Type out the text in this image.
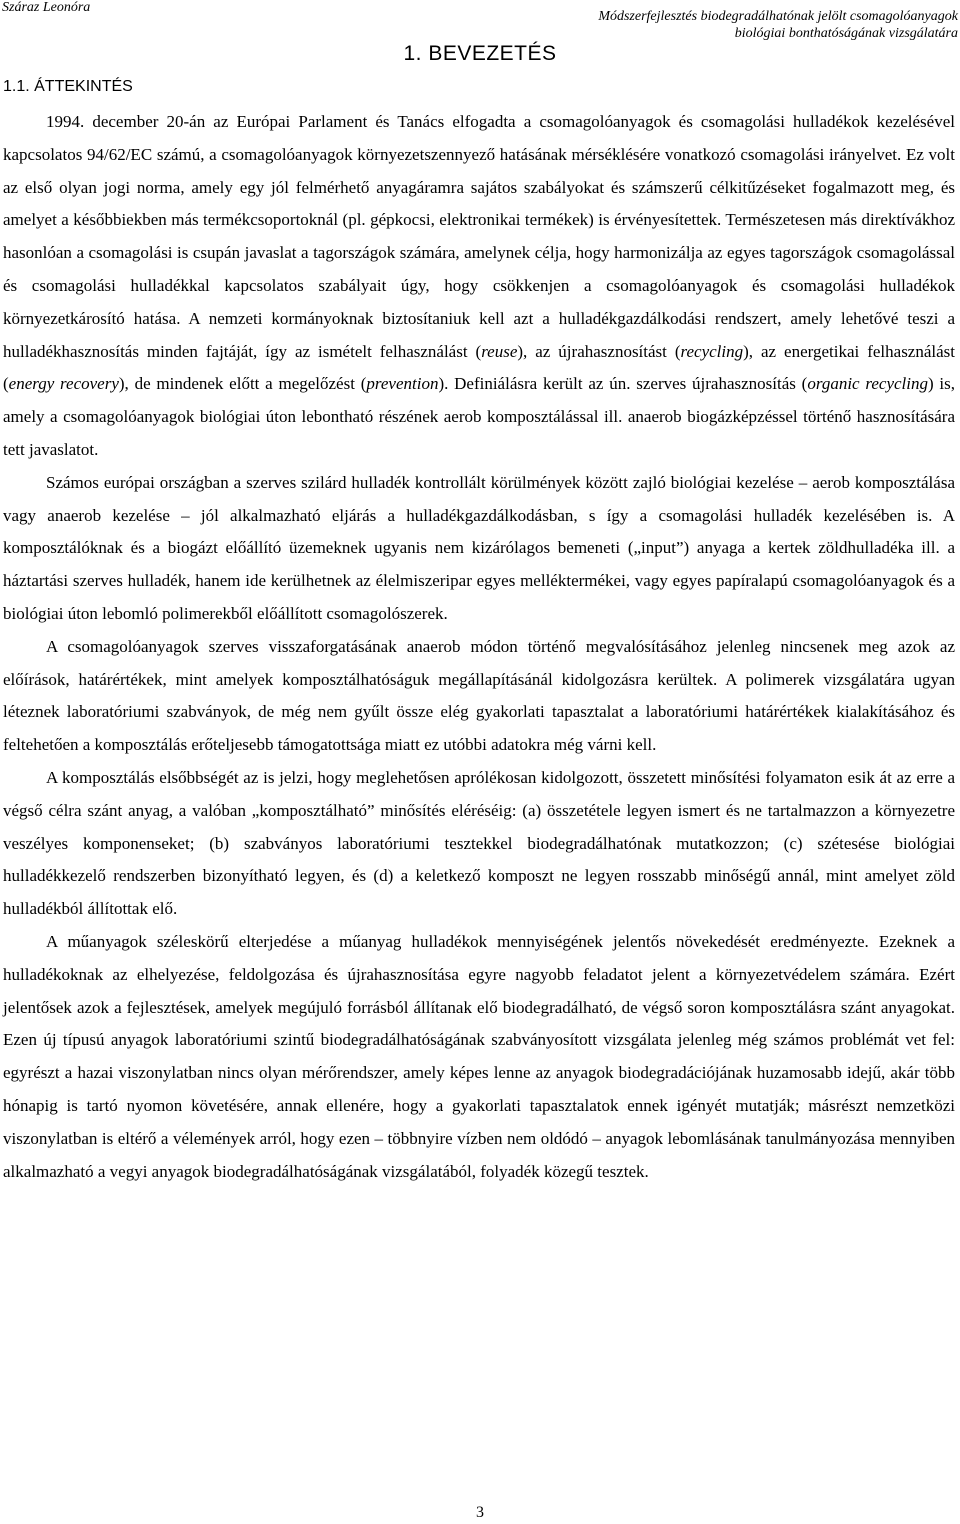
Száraz Leonóra
Módszerfejlesztés biodegradálhatónak jelölt csomagolóanyagok
biológiai bonthatóságának vizsgálatára
1. BEVEZETÉS
1.1. ÁTTEKINTÉS

1994. december 20-án az Európai Parlament és Tanács elfogadta a csomagolóanyagok és csomagolási hulladékok kezelésével kapcsolatos 94/62/EC számú, a csomagolóanyagok környezetszennyező hatásának mérséklésére vonatkozó csomagolási irányelvet. Ez volt az első olyan jogi norma, amely egy jól felmérhető anyagáramra sajátos szabályokat és számszerű célkitűzéseket fogalmazott meg, és amelyet a későbbiekben más termékcsoportoknál (pl. gépkocsi, elektronikai termékek) is érvényesítettek. Természetesen más direktívákhoz hasonlóan a csomagolási is csupán javaslat a tagországok számára, amelynek célja, hogy harmonizálja az egyes tagországok csomagolással és csomagolási hulladékkal kapcsolatos szabályait úgy, hogy csökkenjen a csomagolóanyagok és csomagolási hulladékok környezetkárosító hatása. A nemzeti kormányoknak biztosítaniuk kell azt a hulladékgazdálkodási rendszert, amely lehetővé teszi a hulladékhasznosítás minden fajtáját, így az ismételt felhasználást (reuse), az újrahasznosítást (recycling), az energetikai felhasználást (energy recovery), de mindenek előtt a megelőzést (prevention). Definiálásra került az ún. szerves újrahasznosítás (organic recycling) is, amely a csomagolóanyagok biológiai úton lebontható részének aerob komposztálással ill. anaerob biogázképzéssel történő hasznosítására tett javaslatot.

Számos európai országban a szerves szilárd hulladék kontrollált körülmények között zajló biológiai kezelése – aerob komposztálása vagy anaerob kezelése – jól alkalmazható eljárás a hulladékgazdálkodásban, s így a csomagolási hulladék kezelésében is. A komposztálóknak és a biogázt előállító üzemeknek ugyanis nem kizárólagos bemeneti („input”) anyaga a kertek zöldhulladéka ill. a háztartási szerves hulladék, hanem ide kerülhetnek az élelmiszeripar egyes melléktermékei, vagy egyes papíralapú csomagolóanyagok és a biológiai úton lebomló polimerekből előállított csomagolószerek.

A csomagolóanyagok szerves visszaforgatásának anaerob módon történő megvalósításához jelenleg nincsenek meg azok az előírások, határértékek, mint amelyek komposztálhatóságuk megállapításánál kidolgozásra kerültek. A polimerek vizsgálatára ugyan léteznek laboratóriumi szabványok, de még nem gyűlt össze elég gyakorlati tapasztalat a laboratóriumi határértékek kialakításához és feltehetően a komposztálás erőteljesebb támogatottsága miatt ez utóbbi adatokra még várni kell.

A komposztálás elsőbbségét az is jelzi, hogy meglehetősen aprólékosan kidolgozott, összetett minősítési folyamaton esik át az erre a végső célra szánt anyag, a valóban „komposztálható” minősítés eléréséig: (a) összetétele legyen ismert és ne tartalmazzon a környezetre veszélyes komponenseket; (b) szabványos laboratóriumi tesztekkel biodegradálhatónak mutatkozzon; (c) szétesése biológiai hulladékkezelő rendszerben bizonyítható legyen, és (d) a keletkező komposzt ne legyen rosszabb minőségű annál, mint amelyet zöld hulladékból állítottak elő.

A műanyagok széleskörű elterjedése a műanyag hulladékok mennyiségének jelentős növekedését eredményezte. Ezeknek a hulladékoknak az elhelyezése, feldolgozása és újrahasznosítása egyre nagyobb feladatot jelent a környezetvédelem számára. Ezért jelentősek azok a fejlesztések, amelyek megújuló forrásból állítanak elő biodegradálható, de végső soron komposztálásra szánt anyagokat. Ezen új típusú anyagok laboratóriumi szintű biodegradálhatóságának szabványosított vizsgálata jelenleg még számos problémát vet fel: egyrészt a hazai viszonylatban nincs olyan mérőrendszer, amely képes lenne az anyagok biodegradációjának huzamosabb idejű, akár több hónapig is tartó nyomon követésére, annak ellenére, hogy a gyakorlati tapasztalatok ennek igényét mutatják; másrészt nemzetközi viszonylatban is eltérő a vélemények arról, hogy ezen – többnyire vízben nem oldódó – anyagok lebomlásának tanulmányozása mennyiben alkalmazható a vegyi anyagok biodegradálhatóságának vizsgálatából, folyadék közegű tesztek.

3
